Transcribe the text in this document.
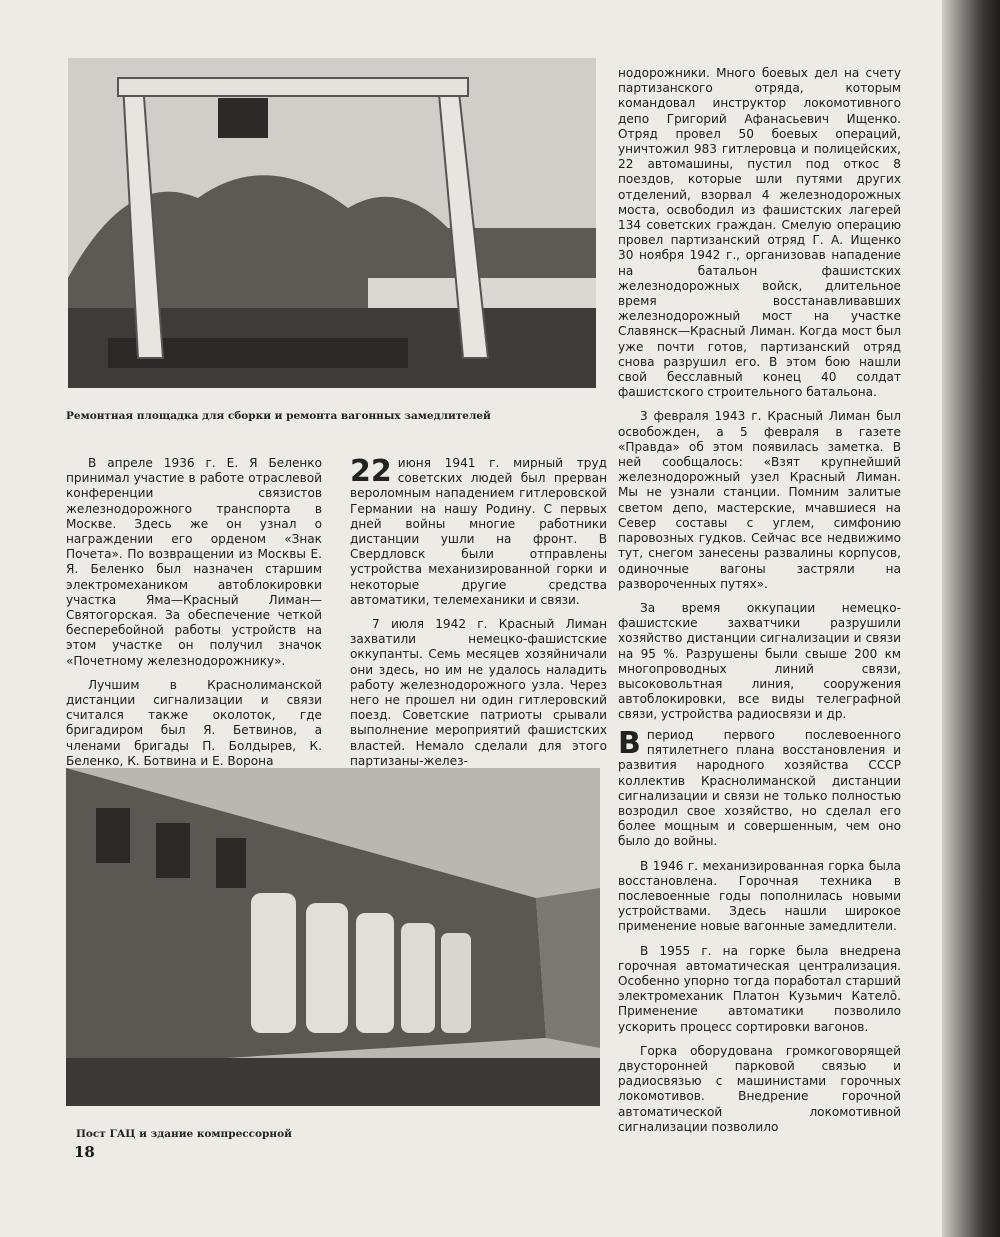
Ремонтная площадка для сборки и ремонта вагонных замедлителей

нодорожники. Много боевых дел на счету партизанского отряда, которым командовал инструктор локомотивного депо Григорий Афанасьевич Ищенко. Отряд провел 50 боевых операций, уничтожил 983 гитлеровца и полицейских, 22 автомашины, пустил под откос 8 поездов, которые шли путями других отделений, взорвал 4 железнодорожных моста, освободил из фашистских лагерей 134 советских граждан. Смелую операцию провел партизанский отряд Г. А. Ищенко 30 ноября 1942 г., организовав нападение на батальон фашистских железнодорожных войск, длительное время восстанавливавших железнодорожный мост на участке Славянск—Красный Лиман. Когда мост был уже почти готов, партизанский отряд снова разрушил его. В этом бою нашли свой бесславный конец 40 солдат фашистского строительного батальона.

3 февраля 1943 г. Красный Лиман был освобожден, а 5 февраля в газете «Правда» об этом появилась заметка. В ней сообщалось: «Взят крупнейший железнодорожный узел Красный Лиман. Мы не узнали станции. Помним залитые светом депо, мастерские, мчавшиеся на Север составы с углем, симфонию паровозных гудков. Сейчас все недвижимо тут, снегом занесены развалины корпусов, одиночные вагоны застряли на развороченных путях».

За время оккупации немецко-фашистские захватчики разрушили хозяйство дистанции сигнализации и связи на 95 %. Разрушены были свыше 200 км многопроводных линий связи, высоковольтная линия, сооружения автоблокировки, все виды телеграфной связи, устройства радиосвязи и др.

В апреле 1936 г. Е. Я Беленко принимал участие в работе отраслевой конференции связистов железнодорожного транспорта в Москве. Здесь же он узнал о награждении его орденом «Знак Почета». По возвращении из Москвы Е. Я. Беленко был назначен старшим электромехаником автоблокировки участка Яма—Красный Лиман—Святогорская. За обеспечение четкой бесперебойной работы устройств на этом участке он получил значок «Почетному железнодорожнику».

Лучшим в Краснолиманской дистанции сигнализации и связи считался также околоток, где бригадиром был Я. Бетвинов, а членами бригады П. Болдырев, К. Беленко, К. Ботвина и Е. Ворона

22 июня 1941 г. мирный труд советских людей был прерван вероломным нападением гитлеровской Германии на нашу Родину. С первых дней войны многие работники дистанции ушли на фронт. В Свердловск были отправлены устройства механизированной горки и некоторые другие средства автоматики, телемеханики и связи.

7 июля 1942 г. Красный Лиман захватили немецко-фашистские оккупанты. Семь месяцев хозяйничали они здесь, но им не удалось наладить работу железнодорожного узла. Через него не прошел ни один гитлеровский поезд. Советские патриоты срывали выполнение мероприятий фашистских властей. Немало сделали для этого партизаны-желез-	Впериод первого послевоенного пятилетнего плана восстановления и развития народного хозяйства СССР коллектив Краснолиманской дистанции сигнализации и связи не только полностью возродил свое хозяйство, но сделал его более мощным и совершенным, чем оно было до войны.

В 1946 г. механизированная горка была восстановлена. Горочная техника в послевоенные годы пополнилась новыми устройствами. Здесь нашли широкое применение новые вагонные замедлители.

В 1955 г. на горке была внедрена горочная автоматическая централизация. Особенно упорно тогда поработал старший электромеханик Платон Кузьмич Кателō. Применение автоматики позволило ускорить процесс сортировки вагонов.

Горка оборудована громкоговорящей двусторонней парковой связью и радиосвязью с машинистами горочных локомотивов. Внедрение горочной автоматической локомотивной сигнализации позволило

Пост ГАЦ и здание компрессорной
18
